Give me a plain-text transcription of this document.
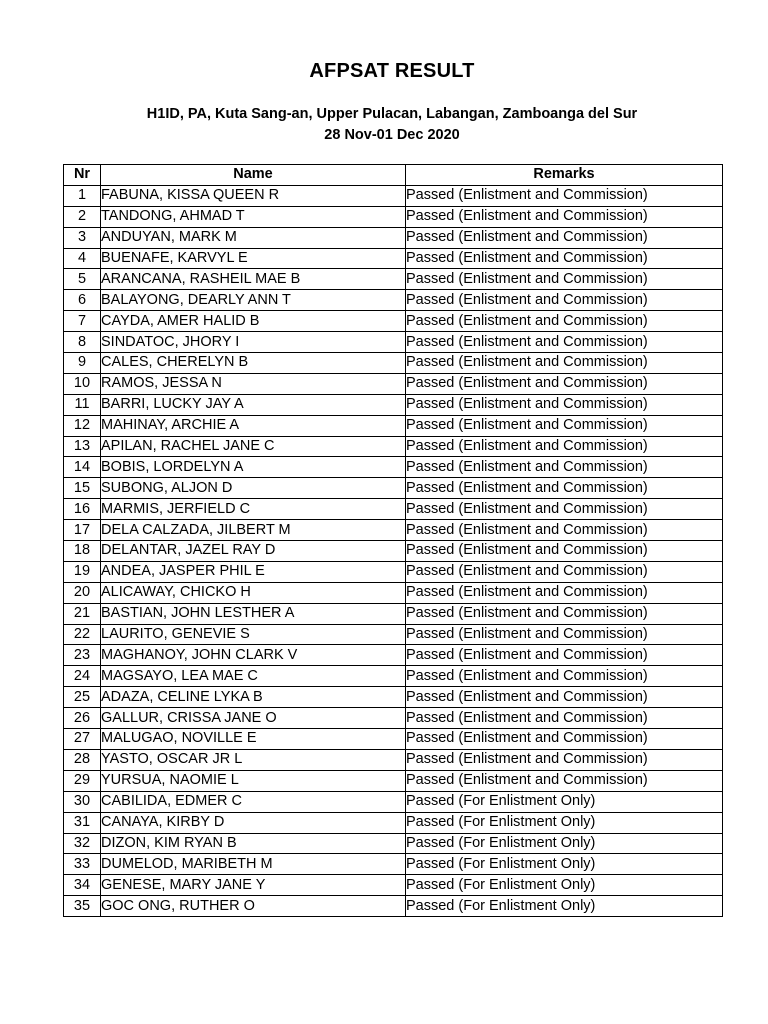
AFPSAT RESULT
H1ID, PA, Kuta Sang-an, Upper Pulacan, Labangan, Zamboanga del Sur
28 Nov-01 Dec 2020
Nr	Name	Remarks
1	FABUNA, KISSA QUEEN R	Passed (Enlistment and Commission)
2	TANDONG, AHMAD T	Passed (Enlistment and Commission)
3	ANDUYAN, MARK M	Passed (Enlistment and Commission)
4	BUENAFE, KARVYL E	Passed (Enlistment and Commission)
5	ARANCANA, RASHEIL MAE B	Passed (Enlistment and Commission)
6	BALAYONG, DEARLY ANN T	Passed (Enlistment and Commission)
7	CAYDA, AMER HALID B	Passed (Enlistment and Commission)
8	SINDATOC, JHORY I	Passed (Enlistment and Commission)
9	CALES, CHERELYN B	Passed (Enlistment and Commission)
10	RAMOS, JESSA N	Passed (Enlistment and Commission)
11	BARRI, LUCKY JAY A	Passed (Enlistment and Commission)
12	MAHINAY, ARCHIE A	Passed (Enlistment and Commission)
13	APILAN, RACHEL JANE C	Passed (Enlistment and Commission)
14	BOBIS, LORDELYN A	Passed (Enlistment and Commission)
15	SUBONG, ALJON D	Passed (Enlistment and Commission)
16	MARMIS, JERFIELD C	Passed (Enlistment and Commission)
17	DELA CALZADA, JILBERT M	Passed (Enlistment and Commission)
18	DELANTAR, JAZEL RAY D	Passed (Enlistment and Commission)
19	ANDEA, JASPER PHIL E	Passed (Enlistment and Commission)
20	ALICAWAY, CHICKO H	Passed (Enlistment and Commission)
21	BASTIAN, JOHN LESTHER A	Passed (Enlistment and Commission)
22	LAURITO, GENEVIE S	Passed (Enlistment and Commission)
23	MAGHANOY, JOHN CLARK V	Passed (Enlistment and Commission)
24	MAGSAYO, LEA MAE C	Passed (Enlistment and Commission)
25	ADAZA, CELINE LYKA B	Passed (Enlistment and Commission)
26	GALLUR, CRISSA JANE O	Passed (Enlistment and Commission)
27	MALUGAO, NOVILLE E	Passed (Enlistment and Commission)
28	YASTO, OSCAR JR L	Passed (Enlistment and Commission)
29	YURSUA, NAOMIE L	Passed (Enlistment and Commission)
30	CABILIDA, EDMER C	Passed (For Enlistment Only)
31	CANAYA, KIRBY D	Passed (For Enlistment Only)
32	DIZON, KIM RYAN B	Passed (For Enlistment Only)
33	DUMELOD, MARIBETH M	Passed (For Enlistment Only)
34	GENESE, MARY JANE Y	Passed (For Enlistment Only)
35	GOC ONG, RUTHER O	Passed (For Enlistment Only)
